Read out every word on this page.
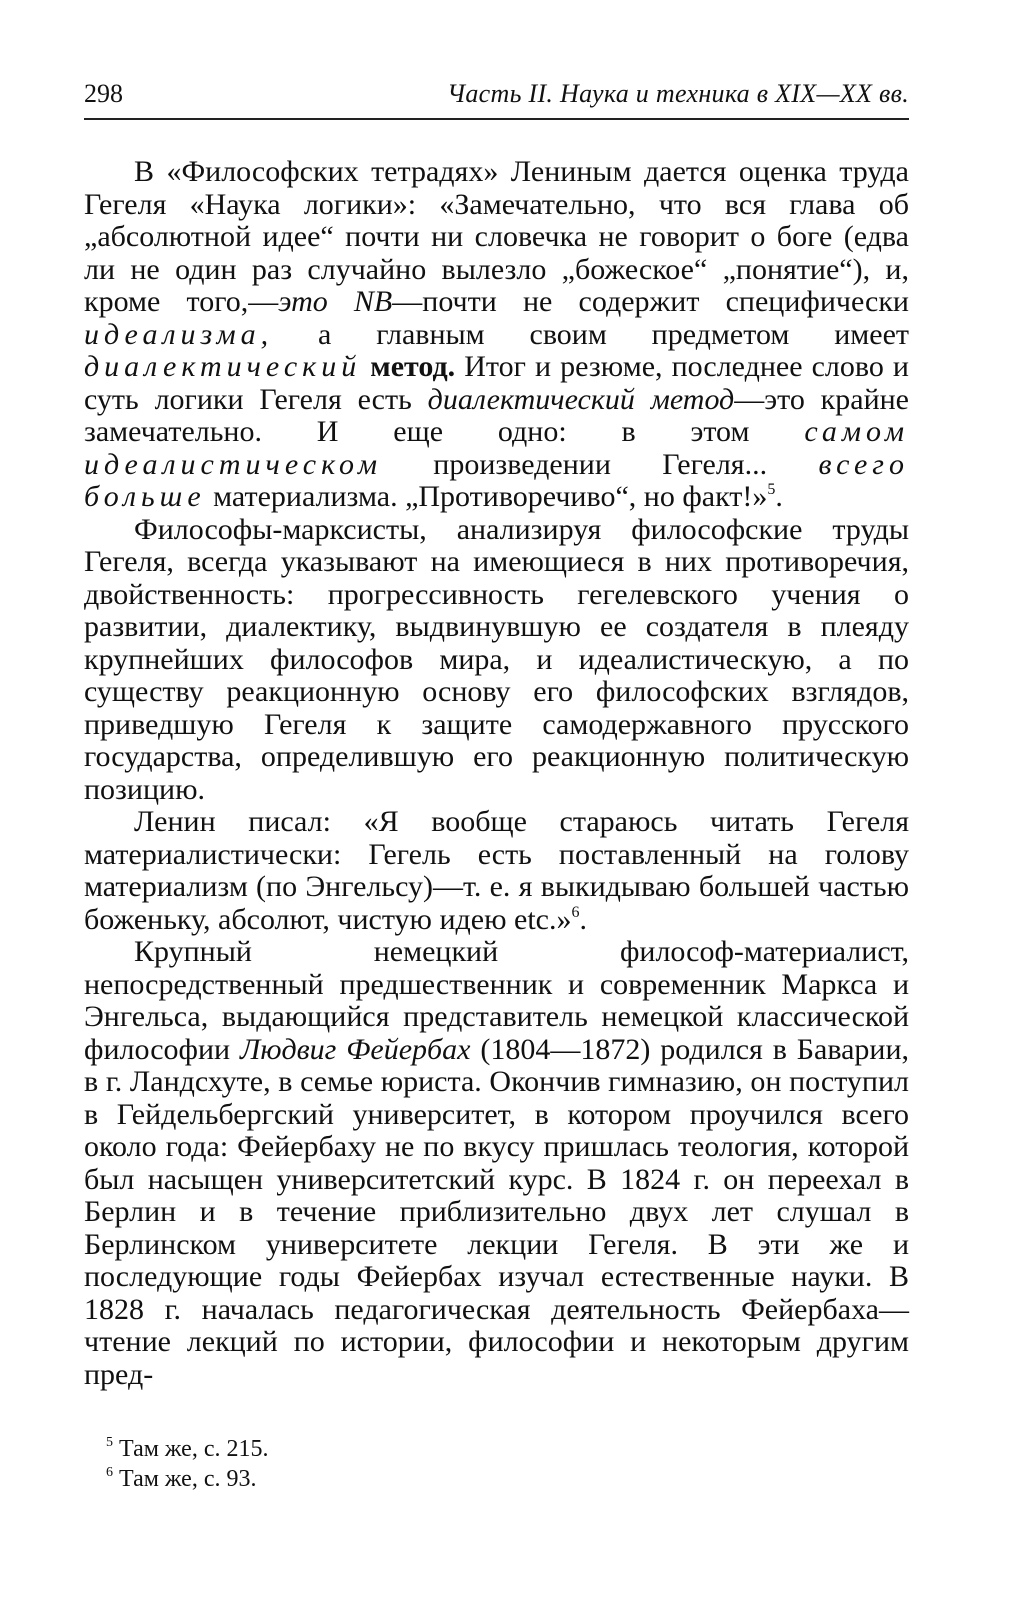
298	Часть II. Наука и техника в XIX—XX вв.

В «Философских тетрадях» Лениным дается оценка труда Гегеля «Наука логики»: «Замечательно, что вся глава об „абсолютной идее“ почти ни словечка не говорит о боге (едва ли не один раз случайно вылезло „божеское“ „понятие“), и, кроме того,—это NB—почти не содержит специфически идеализма, а главным своим предметом имеет диалектический метод. Итог и резюме, последнее слово и суть логики Гегеля есть диалектический метод—это крайне замечательно. И еще одно: в этом самом идеалистическом произведении Гегеля... всего больше материализма. „Противоречиво“, но факт!»$^5$.

Философы-марксисты, анализируя философские труды Гегеля, всегда указывают на имеющиеся в них противоречия, двойственность: прогрессивность гегелевского учения о развитии, диалектику, выдвинувшую ее создателя в плеяду крупнейших философов мира, и идеалистическую, а по существу реакционную основу его философских взглядов, приведшую Гегеля к защите самодержавного прусского государства, определившую его реакционную политическую позицию.

Ленин писал: «Я вообще стараюсь читать Гегеля материалистически: Гегель есть поставленный на голову материализм (по Энгельсу)—т. е. я выкидываю большей частью боженьку, абсолют, чистую идею etc.»$^6$.

Крупный немецкий философ-материалист, непосредственный предшественник и современник Маркса и Энгельса, выдающийся представитель немецкой классической философии Людвиг Фейербах (1804—1872) родился в Баварии, в г. Ландсхуте, в семье юриста. Окончив гимназию, он поступил в Гейдельбергский университет, в котором проучился всего около года: Фейербаху не по вкусу пришлась теология, которой был насыщен университетский курс. В 1824 г. он переехал в Берлин и в течение приблизительно двух лет слушал в Берлинском университете лекции Гегеля. В эти же и последующие годы Фейербах изучал естественные науки. В 1828 г. началась педагогическая деятельность Фейербаха—чтение лекций по истории, философии и некоторым другим пред-

$^5$ Там же, с. 215.

$^6$ Там же, с. 93.
